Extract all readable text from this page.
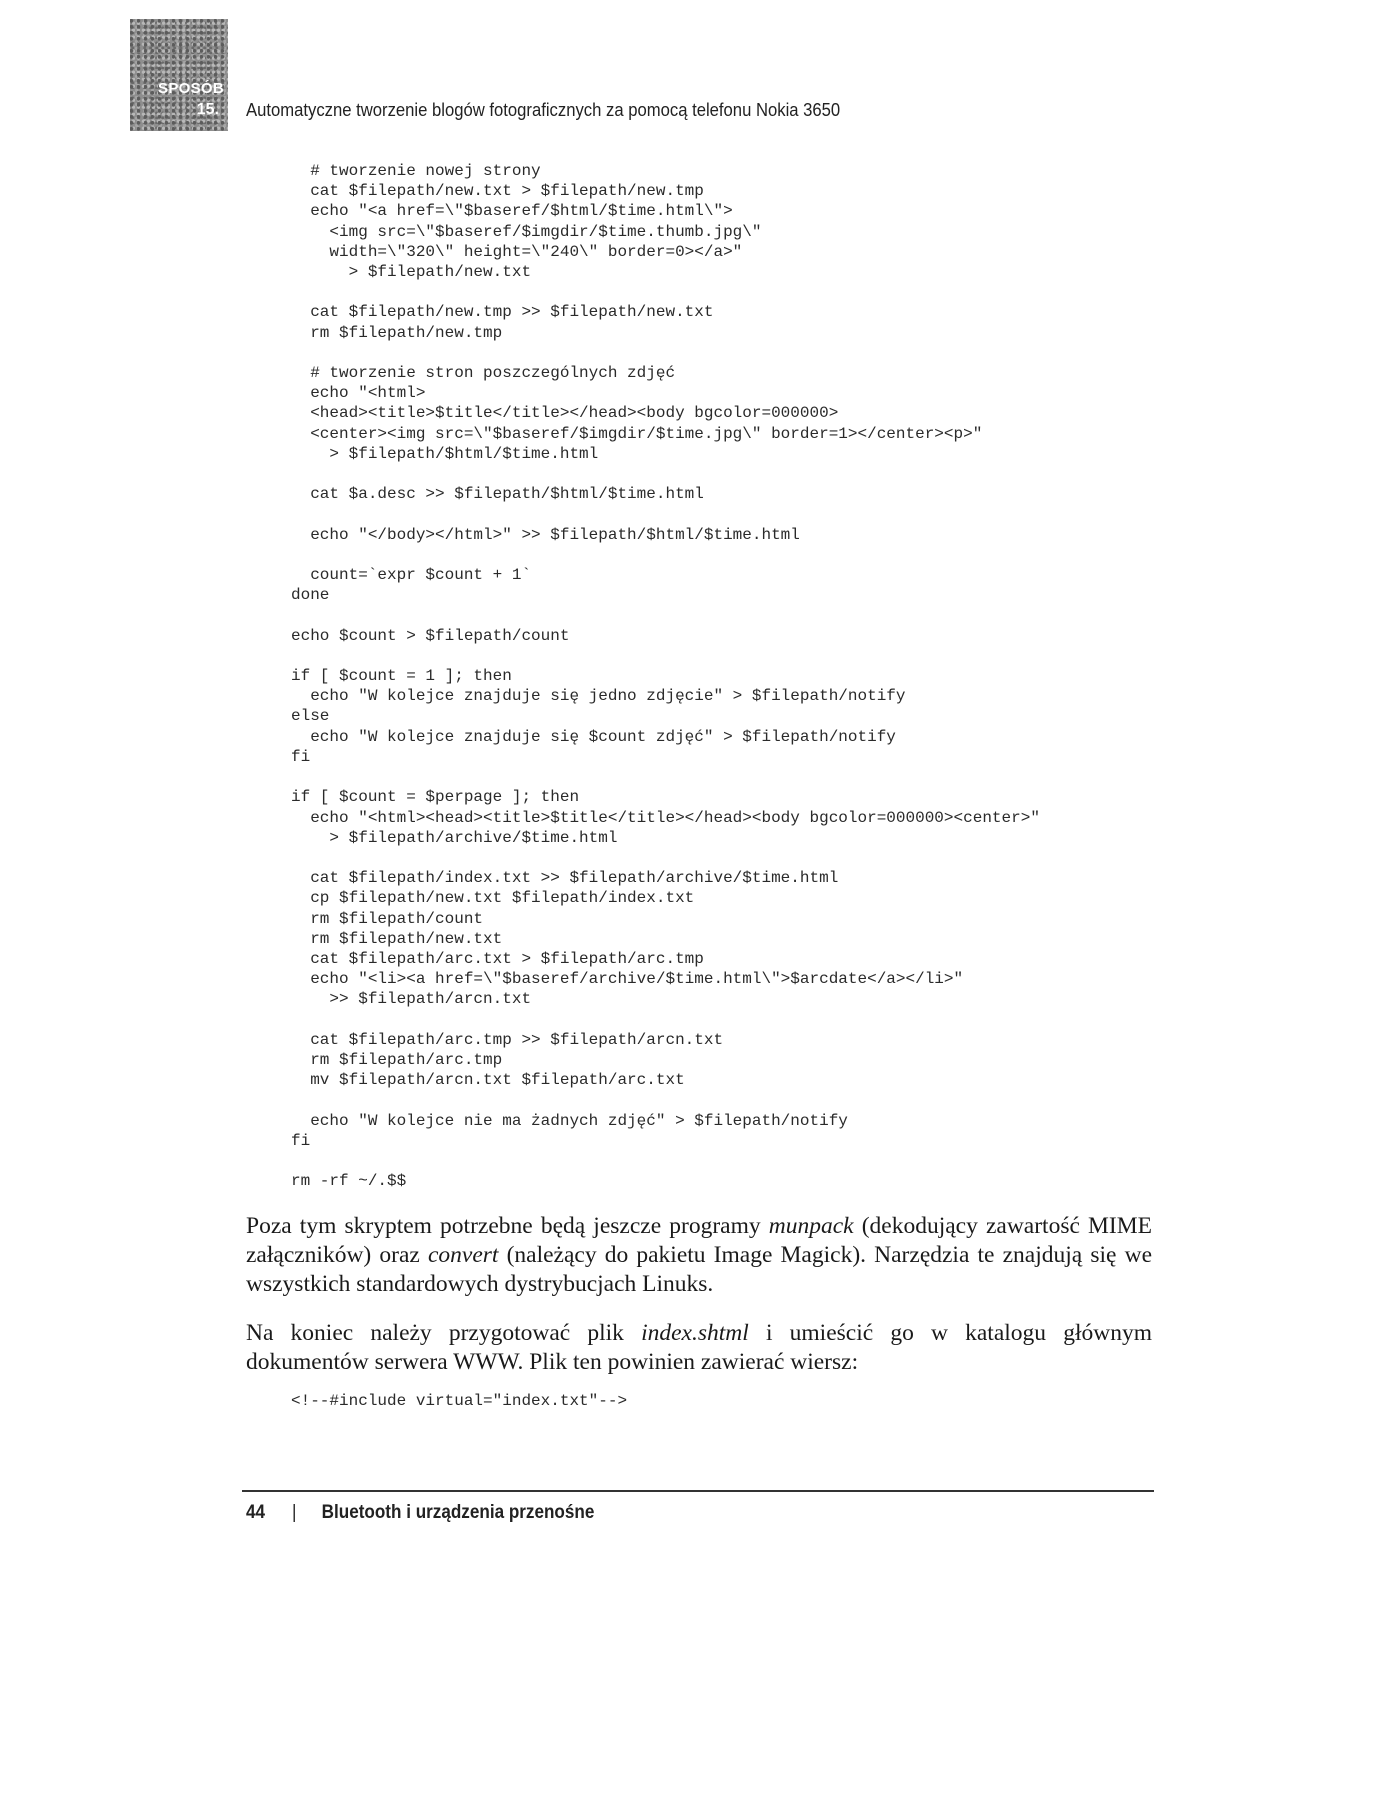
SPOSÓB
15. Automatyczne tworzenie blogów fotograficznych za pomocą telefonu Nokia 3650
# tworzenie nowej strony
cat $filepath/new.txt > $filepath/new.tmp
echo "<a href=\"$baseref/$html/$time.html\">
<img src=\"$baseref/$imgdir/$time.thumb.jpg\"
width=\"320\" height=\"240\" border=0></a>"
> $filepath/new.txt

cat $filepath/new.tmp >> $filepath/new.txt
rm $filepath/new.tmp

# tworzenie stron poszczególnych zdjęć
echo "<html>
<head><title>$title</title></head><body bgcolor=000000>
<center><img src=\"$baseref/$imgdir/$time.jpg\" border=1></center><p>"
> $filepath/$html/$time.html

cat $a.desc >> $filepath/$html/$time.html

echo "</body></html>" >> $filepath/$html/$time.html

count=`expr $count + 1`
done

echo $count > $filepath/count

if [ $count = 1 ]; then
echo "W kolejce znajduje się jedno zdjęcie" > $filepath/notify
else
echo "W kolejce znajduje się $count zdjęć" > $filepath/notify
fi

if [ $count = $perpage ]; then
echo "<html><head><title>$title</title></head><body bgcolor=000000><center>"
> $filepath/archive/$time.html

cat $filepath/index.txt >> $filepath/archive/$time.html
cp $filepath/new.txt $filepath/index.txt
rm $filepath/count
rm $filepath/new.txt
cat $filepath/arc.txt > $filepath/arc.tmp
echo "<li><a href=\"$baseref/archive/$time.html\">$arcdate</a></li>"
>> $filepath/arcn.txt

cat $filepath/arc.tmp >> $filepath/arcn.txt
rm $filepath/arc.tmp
mv $filepath/arcn.txt $filepath/arc.txt

echo "W kolejce nie ma żadnych zdjęć" > $filepath/notify
fi

rm -rf ~/.$$

Poza tym skryptem potrzebne będą jeszcze programy munpack (dekodujący zawartość MIME załączników) oraz convert (należący do pakietu Image Magick). Narzędzia te znajdują się we wszystkich standardowych dystrybucjach Linuks.

Na koniec należy przygotować plik index.shtml i umieścić go w katalogu głównym dokumentów serwera WWW. Plik ten powinien zawierać wiersz:

<!--#include virtual="index.txt"-->
44 | Bluetooth i urządzenia przenośne
